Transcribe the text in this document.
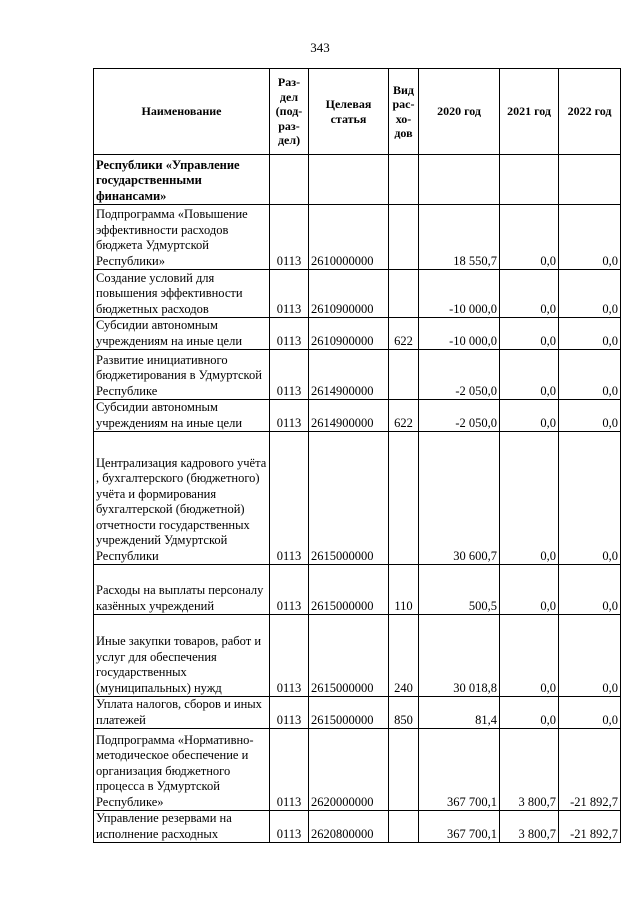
343
Наименование	Раз-дел (под-раз-дел)	Целевая статья	Вид рас-хо-дов	2020 год	2021 год	2022 год
Республики «Управление государственными финансами»						
Подпрограмма «Повышение эффективности расходов бюджета Удмуртской Республики»	0113	2610000000		18 550,7	0,0	0,0
Создание условий для повышения эффективности бюджетных расходов	0113	2610900000		-10 000,0	0,0	0,0
Субсидии автономным учреждениям на иные цели	0113	2610900000	622	-10 000,0	0,0	0,0
Развитие инициативного бюджетирования в Удмуртской Республике	0113	2614900000		-2 050,0	0,0	0,0
Субсидии автономным учреждениям на иные цели	0113	2614900000	622	-2 050,0	0,0	0,0
Централизация кадрового учёта , бухгалтерского (бюджетного) учёта и формирования бухгалтерской (бюджетной) отчетности государственных учреждений Удмуртской Республики	0113	2615000000		30 600,7	0,0	0,0
Расходы на выплаты персоналу казённых учреждений	0113	2615000000	110	500,5	0,0	0,0
Иные закупки товаров, работ и услуг для обеспечения государственных (муниципальных) нужд	0113	2615000000	240	30 018,8	0,0	0,0
Уплата налогов, сборов и иных платежей	0113	2615000000	850	81,4	0,0	0,0
Подпрограмма «Нормативно-методическое обеспечение и организация бюджетного процесса в Удмуртской Республике»	0113	2620000000		367 700,1	3 800,7	-21 892,7
Управление резервами на исполнение расходных	0113	2620800000		367 700,1	3 800,7	-21 892,7
